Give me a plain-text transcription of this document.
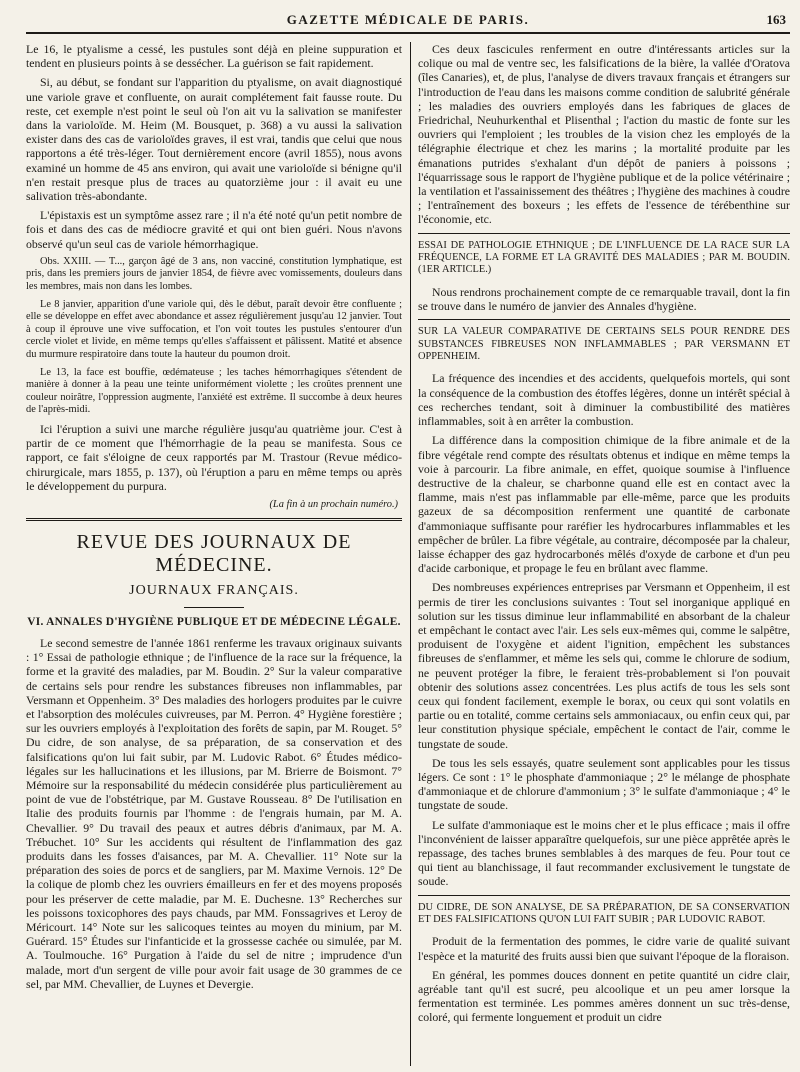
GAZETTE MÉDICALE DE PARIS.	163

Le 16, le ptyalisme a cessé, les pustules sont déjà en pleine suppuration et tendent en plusieurs points à se dessécher. La guérison se fait rapidement.

Si, au début, se fondant sur l'apparition du ptyalisme, on avait diagnostiqué une variole grave et confluente, on aurait complétement fait fausse route. Du reste, cet exemple n'est point le seul où l'on ait vu la salivation se manifester dans la varioloïde. M. Heim (M. Bousquet, p. 368) a vu aussi la salivation exister dans des cas de varioloïdes graves, il est vrai, tandis que celui que nous rapportons a été très-léger. Tout dernièrement encore (avril 1855), nous avons examiné un homme de 45 ans environ, qui avait une varioloïde si bénigne qu'il n'en restait presque plus de traces au quatorzième jour : il avait eu une salivation très-abondante.

L'épistaxis est un symptôme assez rare ; il n'a été noté qu'un petit nombre de fois et dans des cas de médiocre gravité et qui ont bien guéri. Nous n'avons observé qu'un seul cas de variole hémorrhagique.

Obs. XXIII. — T..., garçon âgé de 3 ans, non vacciné, constitution lymphatique, est pris, dans les premiers jours de janvier 1854, de fièvre avec vomissements, douleurs dans les membres, mais non dans les lombes.

Le 8 janvier, apparition d'une variole qui, dès le début, paraît devoir être confluente ; elle se développe en effet avec abondance et assez régulièrement jusqu'au 12 janvier. Tout à coup il éprouve une vive suffocation, et l'on voit toutes les pustules s'entourer d'un cercle violet et livide, en même temps qu'elles s'affaissent et pâlissent. Matité et absence du murmure respiratoire dans toute la hauteur du poumon droit.

Le 13, la face est bouffie, œdémateuse ; les taches hémorrhagiques s'étendent de manière à donner à la peau une teinte uniformément violette ; les croûtes prennent une couleur noirâtre, l'oppression augmente, l'anxiété est extrême. Il succombe à deux heures de l'après-midi.

Ici l'éruption a suivi une marche régulière jusqu'au quatrième jour. C'est à partir de ce moment que l'hémorrhagie de la peau se manifesta. Sous ce rapport, ce fait s'éloigne de ceux rapportés par M. Trastour (Revue médico-chirurgicale, mars 1855, p. 137), où l'éruption a paru en même temps ou après le développement du purpura.

(La fin à un prochain numéro.)
REVUE DES JOURNAUX DE MÉDECINE.
JOURNAUX FRANÇAIS.
VI. ANNALES D'HYGIÈNE PUBLIQUE ET DE MÉDECINE LÉGALE.

Le second semestre de l'année 1861 renferme les travaux originaux suivants : 1° Essai de pathologie ethnique ; de l'influence de la race sur la fréquence, la forme et la gravité des maladies, par M. Boudin. 2° Sur la valeur comparative de certains sels pour rendre les substances fibreuses non inflammables, par Versmann et Oppenheim. 3° Des maladies des horlogers produites par le cuivre et l'absorption des molécules cuivreuses, par M. Perron. 4° Hygiène forestière ; sur les ouvriers employés à l'exploitation des forêts de sapin, par M. Rouget. 5° Du cidre, de son analyse, de sa préparation, de sa conservation et des falsifications qu'on lui fait subir, par M. Ludovic Rabot. 6° Études médico-légales sur les hallucinations et les illusions, par M. Brierre de Boismont. 7° Mémoire sur la responsabilité du médecin considérée plus particulièrement au point de vue de l'obstétrique, par M. Gustave Rousseau. 8° De l'utilisation en Italie des produits fournis par l'homme : de l'engrais humain, par M. A. Chevallier. 9° Du travail des peaux et autres débris d'animaux, par M. A. Trébuchet. 10° Sur les accidents qui résultent de l'inflammation des gaz produits dans les fosses d'aisances, par M. A. Chevallier. 11° Note sur la préparation des soies de porcs et de sangliers, par M. Maxime Vernois. 12° De la colique de plomb chez les ouvriers émailleurs en fer et des moyens proposés pour les préserver de cette maladie, par M. E. Duchesne. 13° Recherches sur les poissons toxicophores des pays chauds, par MM. Fonssagrives et Leroy de Méricourt. 14° Note sur les salicoques teintes au moyen du minium, par M. Guérard. 15° Études sur l'infanticide et la grossesse cachée ou simulée, par M. A. Toulmouche. 16° Purgation à l'aide du sel de nitre ; imprudence d'un malade, mort d'un sergent de ville pour avoir fait usage de 30 grammes de ce sel, par MM. Chevallier, de Luynes et Devergie.

Ces deux fascicules renferment en outre d'intéressants articles sur la colique ou mal de ventre sec, les falsifications de la bière, la vallée d'Oratova (îles Canaries), et, de plus, l'analyse de divers travaux français et étrangers sur l'introduction de l'eau dans les maisons comme condition de salubrité générale ; les maladies des ouvriers employés dans les fabriques de glaces de Friedrichal, Neuhurkenthal et Plisenthal ; l'action du mastic de fonte sur les ouvriers qui l'emploient ; les troubles de la vision chez les employés de la télégraphie électrique et chez les marins ; la mortalité produite par les émanations putrides s'exhalant d'un dépôt de paniers à poissons ; l'équarrissage sous le rapport de l'hygiène publique et de la police vétérinaire ; la ventilation et l'assainissement des théâtres ; l'hygiène des machines à coudre ; l'entraînement des boxeurs ; les effets de l'essence de térébenthine sur l'économie, etc.

ESSAI DE PATHOLOGIE ETHNIQUE ; DE L'INFLUENCE DE LA RACE SUR LA FRÉQUENCE, LA FORME ET LA GRAVITÉ DES MALADIES ; PAR M. BOUDIN. (1ER ARTICLE.)

Nous rendrons prochainement compte de ce remarquable travail, dont la fin se trouve dans le numéro de janvier des Annales d'hygiène.

SUR LA VALEUR COMPARATIVE DE CERTAINS SELS POUR RENDRE DES SUBSTANCES FIBREUSES NON INFLAMMABLES ; PAR VERSMANN ET OPPENHEIM.

La fréquence des incendies et des accidents, quelquefois mortels, qui sont la conséquence de la combustion des étoffes légères, donne un intérêt spécial à ces recherches tendant, soit à diminuer la combustibilité des matières inflammables, soit à en arrêter la combustion.

La différence dans la composition chimique de la fibre animale et de la fibre végétale rend compte des résultats obtenus et indique en même temps la voie à parcourir. La fibre animale, en effet, quoique soumise à l'influence destructive de la chaleur, se charbonne quand elle est en contact avec la flamme, mais n'est pas inflammable par elle-même, parce que les produits gazeux de sa décomposition renferment une quantité de carbonate d'ammoniaque suffisante pour raréfier les hydrocarbures inflammables et les empêcher de brûler. La fibre végétale, au contraire, décomposée par la chaleur, laisse échapper des gaz hydrocarbonés mêlés d'oxyde de carbone et d'un peu d'acide carbonique, et propage le feu en brûlant avec flamme.

Des nombreuses expériences entreprises par Versmann et Oppenheim, il est permis de tirer les conclusions suivantes : Tout sel inorganique appliqué en solution sur les tissus diminue leur inflammabilité en absorbant de la chaleur et empêchant le contact avec l'air. Les sels eux-mêmes qui, comme le salpêtre, produisent de l'oxygène et aident l'ignition, empêchent les substances fibreuses de s'enflammer, et même les sels qui, comme le chlorure de sodium, ne peuvent protéger la fibre, le feraient très-probablement si l'on pouvait obtenir des solutions assez concentrées. Les plus actifs de tous les sels sont ceux qui fondent facilement, exemple le borax, ou ceux qui sont volatils en partie ou en totalité, comme certains sels ammoniacaux, ou enfin ceux qui, par leur constitution physique spéciale, empêchent le contact de l'air, comme le tungstate de soude.

De tous les sels essayés, quatre seulement sont applicables pour les tissus légers. Ce sont : 1° le phosphate d'ammoniaque ; 2° le mélange de phosphate d'ammoniaque et de chlorure d'ammonium ; 3° le sulfate d'ammoniaque ; 4° le tungstate de soude.

Le sulfate d'ammoniaque est le moins cher et le plus efficace ; mais il offre l'inconvénient de laisser apparaître quelquefois, sur une pièce apprêtée après le repassage, des taches brunes semblables à des marques de feu. Pour tout ce qui tient au blanchissage, il faut recommander exclusivement le tungstate de soude.

DU CIDRE, DE SON ANALYSE, DE SA PRÉPARATION, DE SA CONSERVATION ET DES FALSIFICATIONS QU'ON LUI FAIT SUBIR ; PAR LUDOVIC RABOT.

Produit de la fermentation des pommes, le cidre varie de qualité suivant l'espèce et la maturité des fruits aussi bien que suivant l'époque de la floraison.

En général, les pommes douces donnent en petite quantité un cidre clair, agréable tant qu'il est sucré, peu alcoolique et un peu amer lorsque la fermentation est terminée. Les pommes amères donnent un suc très-dense, coloré, qui fermente longuement et produit un cidre
